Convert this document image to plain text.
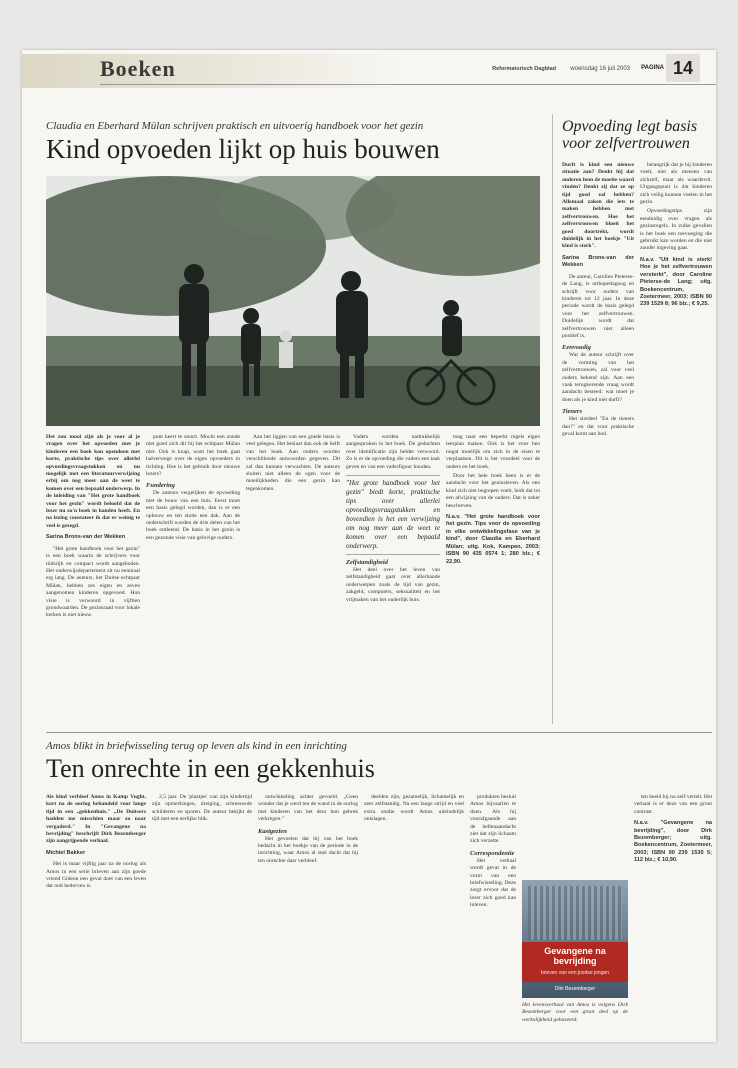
Boeken	Reformatorisch Dagblad woensdag 16 juli 2003 PAGINA 14
Claudia en Eberhard Mülan schrijven praktisch en uitvoerig handboek voor het gezin
Kind opvoeden lijkt op huis bouwen

Het zou mooi zijn als je voor al je vragen over het opvoeden met je kinderen een boek kon opendoen met korte, praktische tips over allerlei opvoedingsvraagstukken en nu mogelijk met een literatuurverwijzing erbij om nog meer aan de weet te komen over een bepaald onderwerp. In de inleiding van "Het grote handboek voor het gezin" wordt beloofd dat de lezer nu zo'n boek in handen heeft. En na lezing constateer ik dat er weinig te veel is gezegd.

Sarina Brons-van der Wekken

"Het grote handboek voor het gezin" is een boek waarin de schrijvers voor tiidsrijk en compact wordt aangeboden. Het onderwijsdepartement zit nu eenmaal erg lang. De auteurs, het Duitse echtpaar Mülan, hebben zes eigen en zeven aangenomen kinderen opgevoed. Hun visie is verwoord in vijftien grondwaarden. De gezinsraad voor lokale kerken is niet nieuw.

punt keert te stuurt. Mocht een zonde niet goed zich dit bij het echtpaar Mülan niet. Ook is knap, want het boek gaat halverwege over de eigen opvoeders in richting. Hoe is het gebruik door nieuwe lezers?

Fundering

De auteurs vergelijken de opvoeding met de bouw van een huis. Eerst moet een basis gelegd worden, dan is er een opbouw en ten slotte een dak. Aan de onderschrift worden de drie delen van het boek ontleend. De basis in het gezin is een gezonde visie van gelovige ouders.

Aan het liggen van een goede basis is veel gelegen. Het beslaat dan ook de helft van het boek. Aan ouders worden verschillende antwoorden gegeven. Dit zal dan kunnen verwachten. De auteurs sluiten niet alleen de ogen voor de moeilijkheden die een gezin kan tegenkomen.

Vaders worden nadrukkelijk aangesproken in het boek. De gedachten over identificatie zijn helder verwoord. Zo is er de opvoeding die vaders een taak geven en van een vaderfiguur houden.

"Het grote handboek voor het gezin" biedt korte, praktische tips over allerlei opvoedingsvraagstukken en bovendien is het een verwijzing om nog meer aan de weet te komen over een bepaald onderwerp.
Zelfstandigheid

Het deel over het leven van zelfstandigheid gaat over allerhande onderwerpen zoals de tijd van gezin, zakgeld, computers, seksualiteit en het vrijmaken van het ouderlijk huis.

mag naar een beperkt regels eigen leerplan maken. Ook is het voor hen nogal moeilijk om zich in de eisen te verplaatsen. Dit is het voordeel voor de ouders en het boek.

Door het hele boek heen is er de aandacht voor het gezinsleven. Als een kind zich niet begrepen voelt, leidt dat tot een afwijzing van de ouders. Dat is zeker beschreven.

N.a.v. "Het grote handboek voor het gezin. Tips voor de opvoeding in elke ontwikkelingsfase van je kind", door Claudia en Eberhard Mülan; uitg. Kok, Kampen, 2003; ISBN 90 435 0574 1; 280 blz.; € 22,90.
Opvoeding legt basis voor zelfvertrouwen

Durft is kind een nieuwe situatie aan? Denkt hij dat anderen hem de moeite waard vinden? Denkt zij dat ze op tijd goed zal hebben? Allemaal zaken die iets te maken hebben met zelfvertrouwen. Hoe het zelfvertrouwen bloeit het goed doortrekt, wordt duidelijk in het boekje "Uit kind is sterk".

Sarina Brons-van der Wekken

De auteur, Caroline Pieterse-de Lang, is orthopedagoog en schrijft voor ouders van kinderen tot 12 jaar. In deze periode wordt de basis gelegd voor het zelfvertrouwen. Duidelijk wordt dat zelfvertrouwen niet alleen positief is.

Eenvoudig

Wat de auteur schrijft over de vorming van het zelfvertrouwen, zal voor veel ouders bekend zijn. Aan een vaak terugkerende vraag wordt aandacht besteed: wat moet je doen als je kind niet durft?

Tieners

Het slotdeel "En de tieners dan?" en dat voor praktische geval komt aan bod.

belangrijk dat je bij kinderen voelt, niet als mensen van zichzelf, maar als waardevol. Uitgangspunt is dat kinderen zich veilig kunnen voelen in het gezin.

Opvoedingstips zijn eenduidig over vragen als gezinsregels. In zulke gevallen is het boek een toevoeging die gebruikt kan worden en die niet zonder ingeving gaat.

N.a.v. "Uit kind is sterk! Hoe je het zelfvertrouwen versterkt", door Caroline Pieterse-de Lang; uitg. Boekencentrum, Zoetermeer, 2003; ISBN 90 239 1529 8; 96 blz.; € 9,25.
Amos blikt in briefwisseling terug op leven als kind in een inrichting
Ten onrechte in een gekkenhuis

Als kind verbleef Amos in Kamp Vught, kort na de oorlog behandeld voor lange tijd in een „gekkenhuis." „De Duitsers hadden me misschien maar zo naar vergaderd." In "Gevangene na bevrijding" beschrijft Dirk Bezemberger zijn aangrijpende verhaal.

Michiel Bakker

Het is maar vijftig jaar na de oorlog als Amos in een serie brieven aan zijn goede vriend Gideon een geval doet van een leven dat ooit bedorven is.

2,5 jaar. De 'plaatjes' van zijn kindertijd zijn opmerkingen, dreiging, schreeuwde schilderen en sporen. De auteur bekijkt de tijd met een eerlijke blik.

ontwikkeling achter gevoeld. „Geen wonder dat je werd ten de wand in de oorlog met kinderen van het deur hun gebrek verkregen."

Kastgezien

Het gevoelen dat hij van het boek bedacht in het boekje van de periode in de inrichting, waar Amos al snel dacht dat hij ten onrechte daar verbleef.

deelden zijn, gezamelijk, lichamelijk en zeer zelfstandig. Na een lange strijd en veel extra studie wordt Amos uiteindelijk ontslagen.

produkten besluit Amos bijvaarlen te doen. Als hij voorafgaande aan de bellenaandacht ziet dat zijn lichaam zich verzette.

Correspondentie

Het verhaal wordt gevat in de vorm van een briefwisseling. Deze zorgt ervoor dat de lezer zich goed kan inleven.

ten beeld hij nu zelf vertelt. Het verhaal is er deze van een groot contrast.

N.a.v. "Gevangene na bevrijding", door Dirk Bezemberger; uitg. Boekencentrum, Zoetermeer, 2003; ISBN 90 239 1530 5; 112 blz.; € 10,90.
Gevangene na bevrijding
brieven van een joodse jongen
Dirk Bezemberger
Het levensverhaal van Amos is volgens Dirk Bezemberger voor een groot deel op de werkelijkheid gebaseerd.
